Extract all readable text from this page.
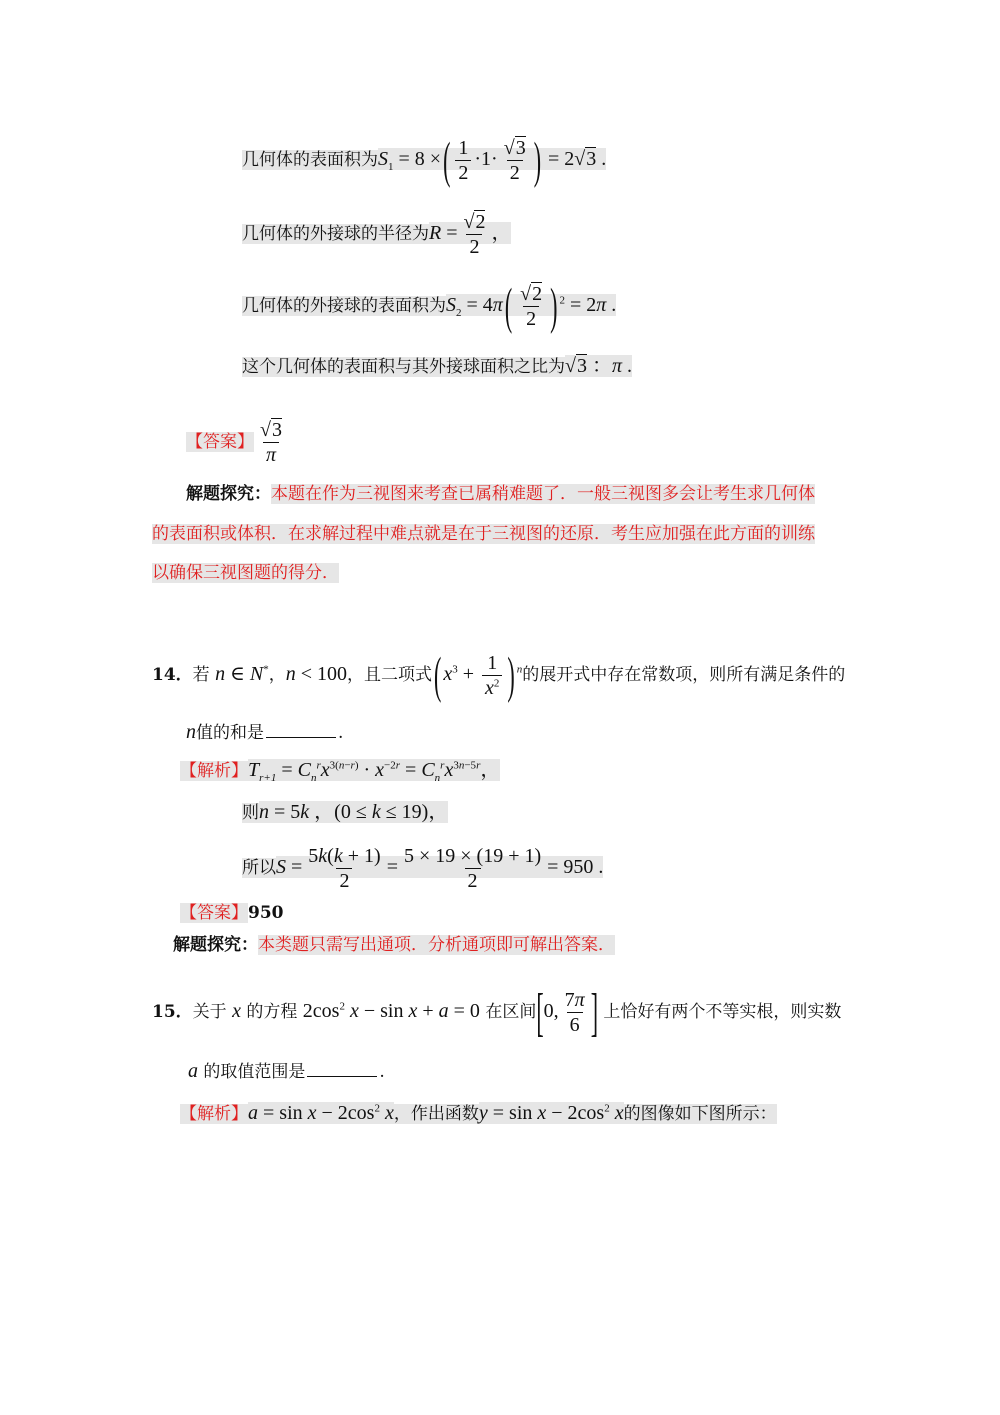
几何体的表面积为$S_1 = 8$ ×( $\frac{1}{2} \cdot 1\cdot \frac{√3}{2}$ ) = 2√3 .
几何体的外接球的半径为$R = \frac{√2}{2}$ ，
几何体的外接球的表面积为$S_2 = 4\pi( \frac{√2}{2}$ ) $^2$ = 2π .
这个几何体的表面积与其外接球面积之比为√3 ：π .
【答案】 $\frac{√3}{\pi}$
解题探究：本题在作为三视图来考查已属稍难题了．一般三视图多会让考生求几何体
的表面积或体积．在求解过程中难点就是在于三视图的还原．考生应加强在此方面的训练
以确保三视图题的得分．
14．若 n ∈ N*，n < 100，且二项式( $x^3 + \frac{1}{x^2}$ ) $^n$的展开式中存在常数项，则所有满足条件的
n值的和是	.
【解析】$T_{r+1} = C_n^rx^{3(n-r)} \cdot x^{-2r} = C_n^rx^{3n-5r}$，
则n = 5k ，(0 ≤ k ≤ 19)，
所以$S = \frac{5k(k + 1)}{2} = \frac{5 \times 19 \times (19 + 1)}{2} = 950$ .
【答案】950
解题探究：本类题只需写出通项．分析通项即可解出答案．
15．关于 x 的方程 $2\cos^2$ x − sin x + a = 0 在区间[0, $\frac{7\pi}{6}$ ] 上恰好有两个不等实根，则实数
a 的取值范围是	.
【解析】$a = \sin x - 2\cos^2$ x，作出函数$y = \sin x - 2\cos^2$ x的图像如下图所示：
